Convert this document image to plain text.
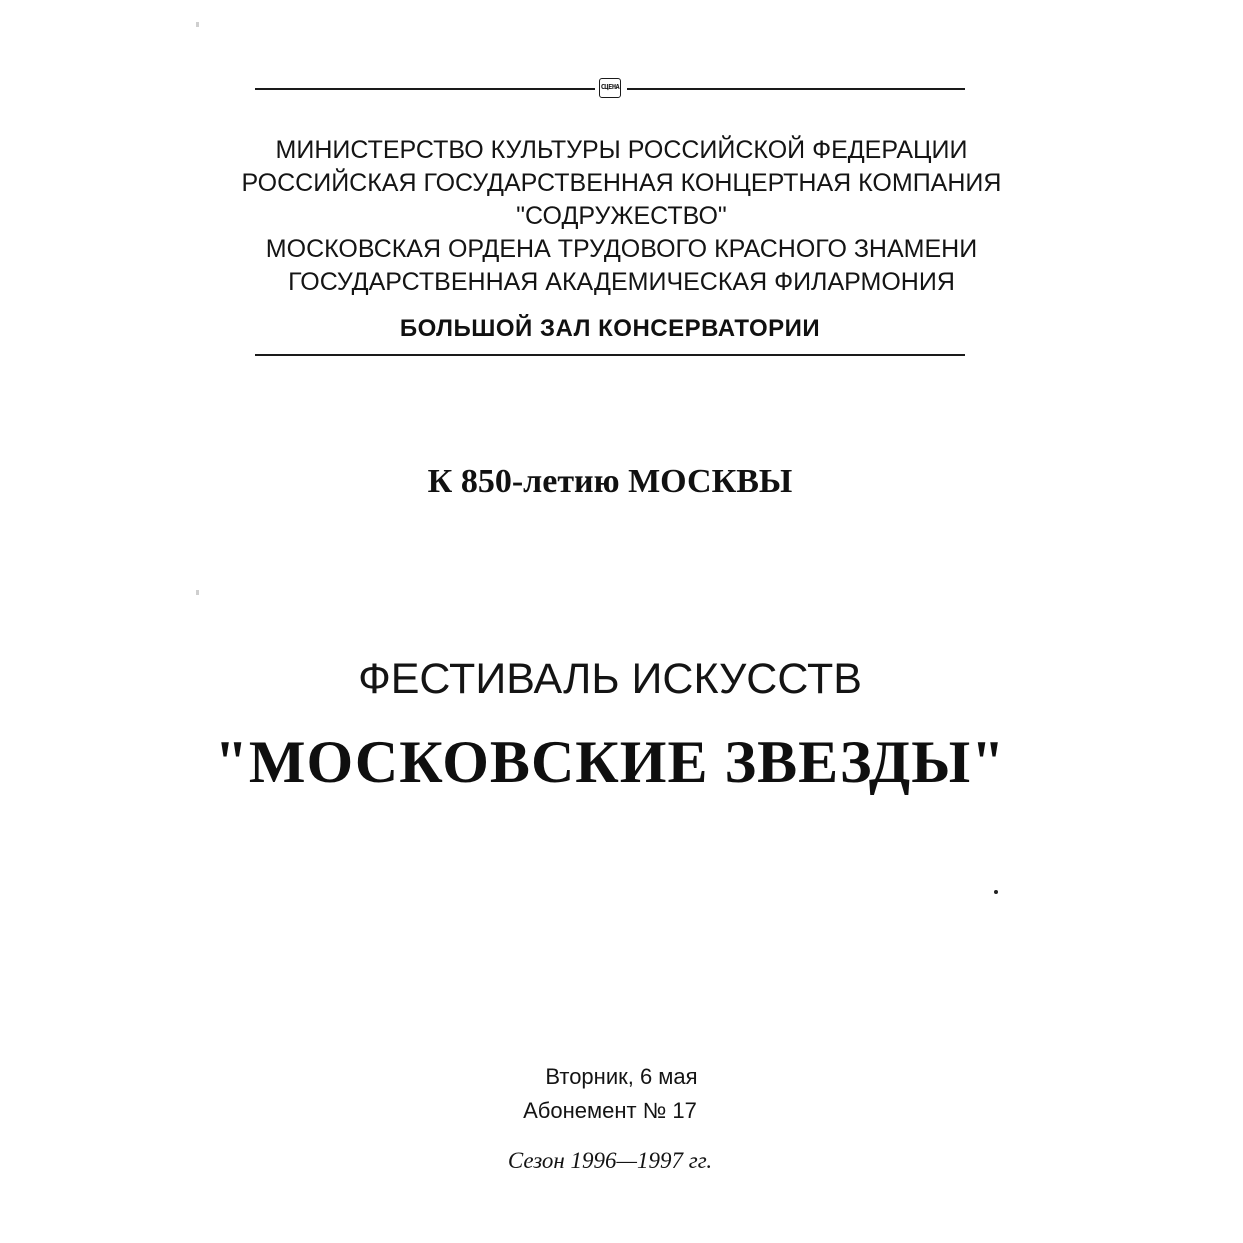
СЦЕНА
МИНИСТЕРСТВО КУЛЬТУРЫ РОССИЙСКОЙ ФЕДЕРАЦИИ
РОССИЙСКАЯ ГОСУДАРСТВЕННАЯ КОНЦЕРТНАЯ КОМПАНИЯ
"СОДРУЖЕСТВО"
МОСКОВСКАЯ ОРДЕНА ТРУДОВОГО КРАСНОГО ЗНАМЕНИ
ГОСУДАРСТВЕННАЯ АКАДЕМИЧЕСКАЯ ФИЛАРМОНИЯ
БОЛЬШОЙ ЗАЛ КОНСЕРВАТОРИИ
К 850-летию МОСКВЫ
ФЕСТИВАЛЬ ИСКУССТВ
"МОСКОВСКИЕ ЗВЕЗДЫ"
Вторник, 6 мая
Абонемент № 17
Сезон 1996—1997 гг.
